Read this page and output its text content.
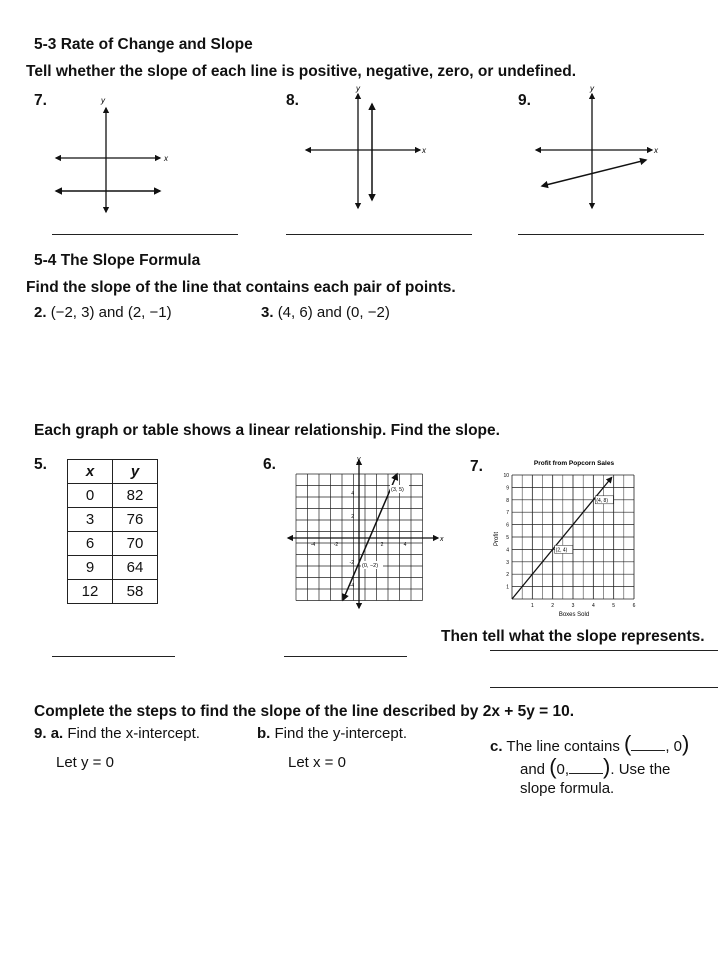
5-3 Rate of Change and Slope
Tell whether the slope of each line is positive, negative, zero, or undefined.
7.	8.	9.
x
y
x
y
x
y
5-4 The Slope Formula
Find the slope of the line that contains each pair of points.
2. (−2, 3) and (2, −1)	3. (4, 6) and (0, −2)
Each graph or table shows a linear relationship. Find the slope.
5.	6.	7.
x	y
0	82
3	76
6	70
9	64
12	58
x
y
4
2
-4	-2	2	4
-2
-4
(3, 5)
(0, −2)
Profit from Popcorn Sales
1
2
3
4
5
6
7
8
9
10
1	2	3	4	5	6
(2, 4)
(4, 8)
Boxes Sold
Profit
Then tell what the slope represents.
Complete the steps to find the slope of the line described by 2x + 5y = 10.
9. a. Find the x-intercept.
Let y = 0
b. Find the y-intercept.
Let x = 0
c. The line contains ( , 0)
and (0, ). Use the
slope formula.
